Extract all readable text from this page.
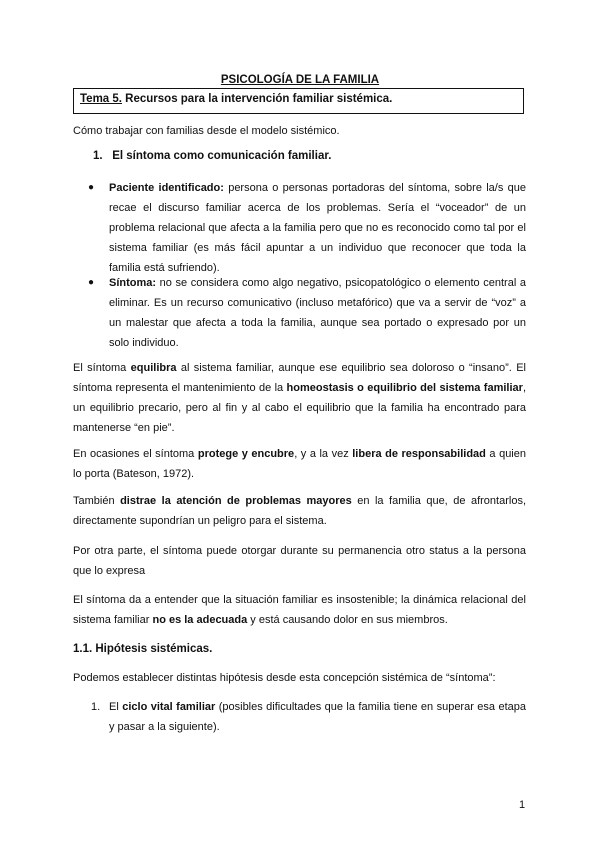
PSICOLOGÍA DE LA FAMILIA
Tema 5. Recursos para la intervención familiar sistémica.

Cómo trabajar con familias desde el modelo sistémico.

1. El síntoma como comunicación familiar.
● Paciente identificado: persona o personas portadoras del síntoma, sobre la/s que recae el discurso familiar acerca de los problemas. Sería el “voceador” de un problema relacional que afecta a la familia pero que no es reconocido como tal por el sistema familiar (es más fácil apuntar a un individuo que reconocer que toda la familia está sufriendo).
● Síntoma: no se considera como algo negativo, psicopatológico o elemento central a eliminar. Es un recurso comunicativo (incluso metafórico) que va a servir de “voz” a un malestar que afecta a toda la familia, aunque sea portado o expresado por un solo individuo.

El síntoma equilibra al sistema familiar, aunque ese equilibrio sea doloroso o “insano”. El síntoma representa el mantenimiento de la homeostasis o equilibrio del sistema familiar, un equilibrio precario, pero al fin y al cabo el equilibrio que la familia ha encontrado para mantenerse “en pie”.

En ocasiones el síntoma protege y encubre, y a la vez libera de responsabilidad a quien lo porta (Bateson, 1972).

También distrae la atención de problemas mayores en la familia que, de afrontarlos, directamente supondrían un peligro para el sistema.

Por otra parte, el síntoma puede otorgar durante su permanencia otro status a la persona que lo expresa

El síntoma da a entender que la situación familiar es insostenible; la dinámica relacional del sistema familiar no es la adecuada y está causando dolor en sus miembros.

1.1. Hipótesis sistémicas.

Podemos establecer distintas hipótesis desde esta concepción sistémica de “síntoma”:

1. El ciclo vital familiar (posibles dificultades que la familia tiene en superar esa etapa y pasar a la siguiente).
1
